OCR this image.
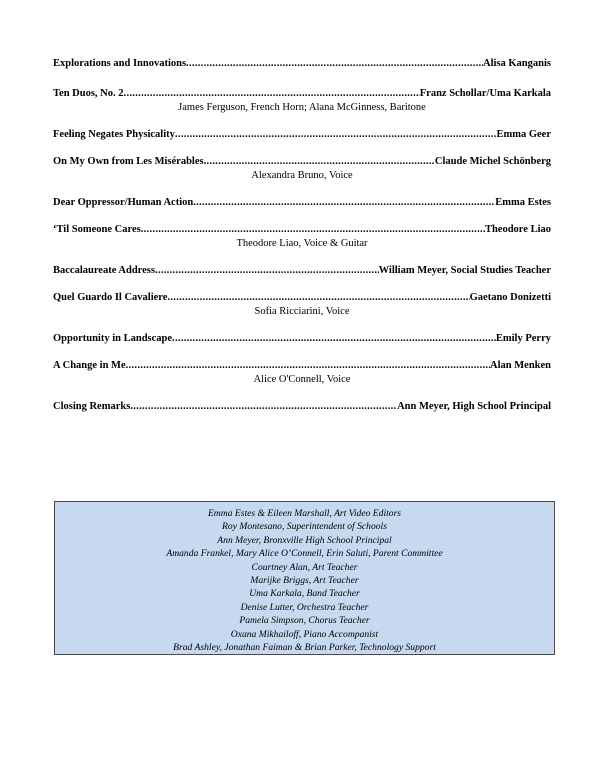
Explorations and Innovations .....	Alisa Kanganis
Ten Duos, No. 2 .....	Franz Schollar/Uma Karkala
James Ferguson, French Horn; Alana McGinness, Baritone
Feeling Negates Physicality .....	Emma Geer
On My Own from Les Misérables .....	Claude Michel Schönberg
Alexandra Bruno, Voice
Dear Oppressor/Human Action .....	Emma Estes
‘Til Someone Cares .....	Theodore Liao
Theodore Liao, Voice & Guitar
Baccalaureate Address .....	William Meyer, Social Studies Teacher
Quel Guardo Il Cavaliere .....	Gaetano Donizetti
Sofia Ricciarini, Voice
Opportunity in Landscape .....	Emily Perry
A Change in Me .....	Alan Menken
Alice O'Connell, Voice
Closing Remarks .....	Ann Meyer, High School Principal
Emma Estes & Eileen Marshall, Art Video Editors
Roy Montesano, Superintendent of Schools
Ann Meyer, Bronxville High School Principal
Amanda Frankel, Mary Alice O’Connell, Erin Saluti, Parent Committee
Courtney Alan, Art Teacher
Marijke Briggs, Art Teacher
Uma Karkala, Band Teacher
Denise Lutter, Orchestra Teacher
Pamela Simpson, Chorus Teacher
Oxana Mikhailoff, Piano Accompanist
Brad Ashley, Jonathan Faiman & Brian Parker, Technology Support
